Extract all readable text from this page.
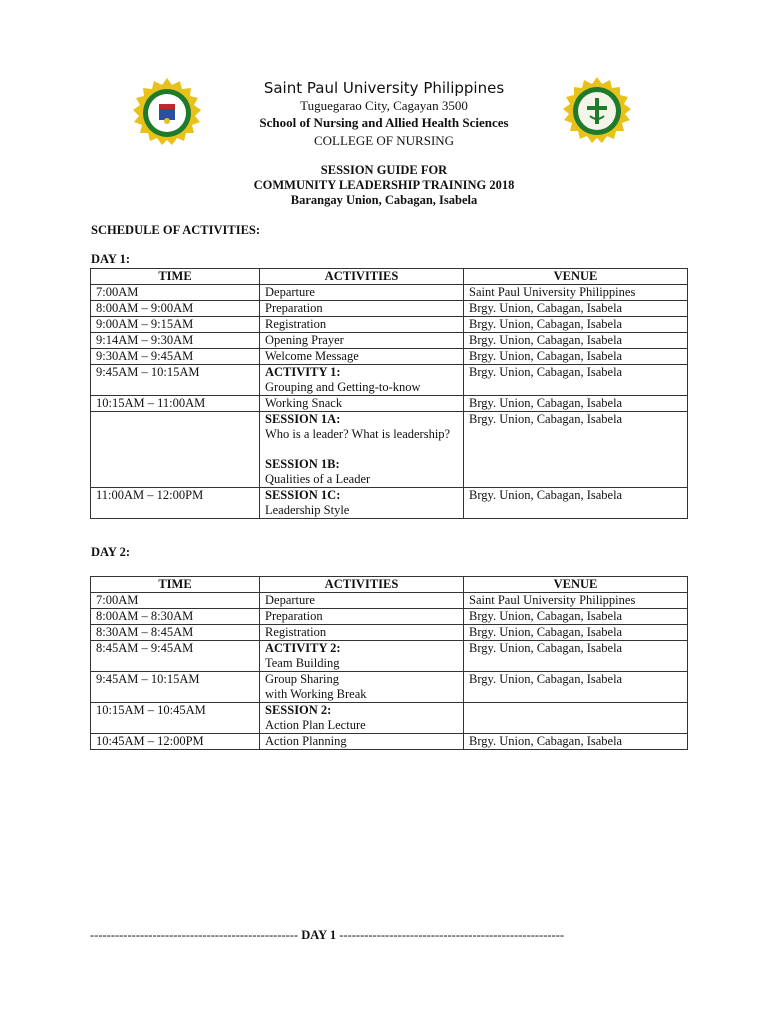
Saint Paul University Philippines
Tuguegarao City, Cagayan 3500
School of Nursing and Allied Health Sciences
COLLEGE OF NURSING
SESSION GUIDE FOR
COMMUNITY LEADERSHIP TRAINING 2018
Barangay Union, Cabagan, Isabela
SCHEDULE OF ACTIVITIES:
DAY 1:
TIME	ACTIVITIES	VENUE
7:00AM	Departure	Saint Paul University Philippines
8:00AM – 9:00AM	Preparation	Brgy. Union, Cabagan, Isabela
9:00AM – 9:15AM	Registration	Brgy. Union, Cabagan, Isabela
9:14AM – 9:30AM	Opening Prayer	Brgy. Union, Cabagan, Isabela
9:30AM – 9:45AM	Welcome Message	Brgy. Union, Cabagan, Isabela
9:45AM – 10:15AM	ACTIVITY 1:
Grouping and Getting-to-know	Brgy. Union, Cabagan, Isabela
10:15AM – 11:00AM	Working Snack	Brgy. Union, Cabagan, Isabela

	SESSION 1A:
Who is a leader? What is leadership?
SESSION 1B:
Qualities of a Leader	Brgy. Union, Cabagan, Isabela
11:00AM – 12:00PM	SESSION 1C:
Leadership Style	Brgy. Union, Cabagan, Isabela
DAY 2:
TIME	ACTIVITIES	VENUE
7:00AM	Departure	Saint Paul University Philippines
8:00AM – 8:30AM	Preparation	Brgy. Union, Cabagan, Isabela
8:30AM – 8:45AM	Registration	Brgy. Union, Cabagan, Isabela
8:45AM – 9:45AM	ACTIVITY 2:
Team Building	Brgy. Union, Cabagan, Isabela
9:45AM – 10:15AM	Group Sharing
with Working Break	Brgy. Union, Cabagan, Isabela
10:15AM – 10:45AM	SESSION 2:
Action Plan Lecture	

10:45AM – 12:00PM	Action Planning	Brgy. Union, Cabagan, Isabela
-------------------------------------------------- DAY 1 ------------------------------------------------------
